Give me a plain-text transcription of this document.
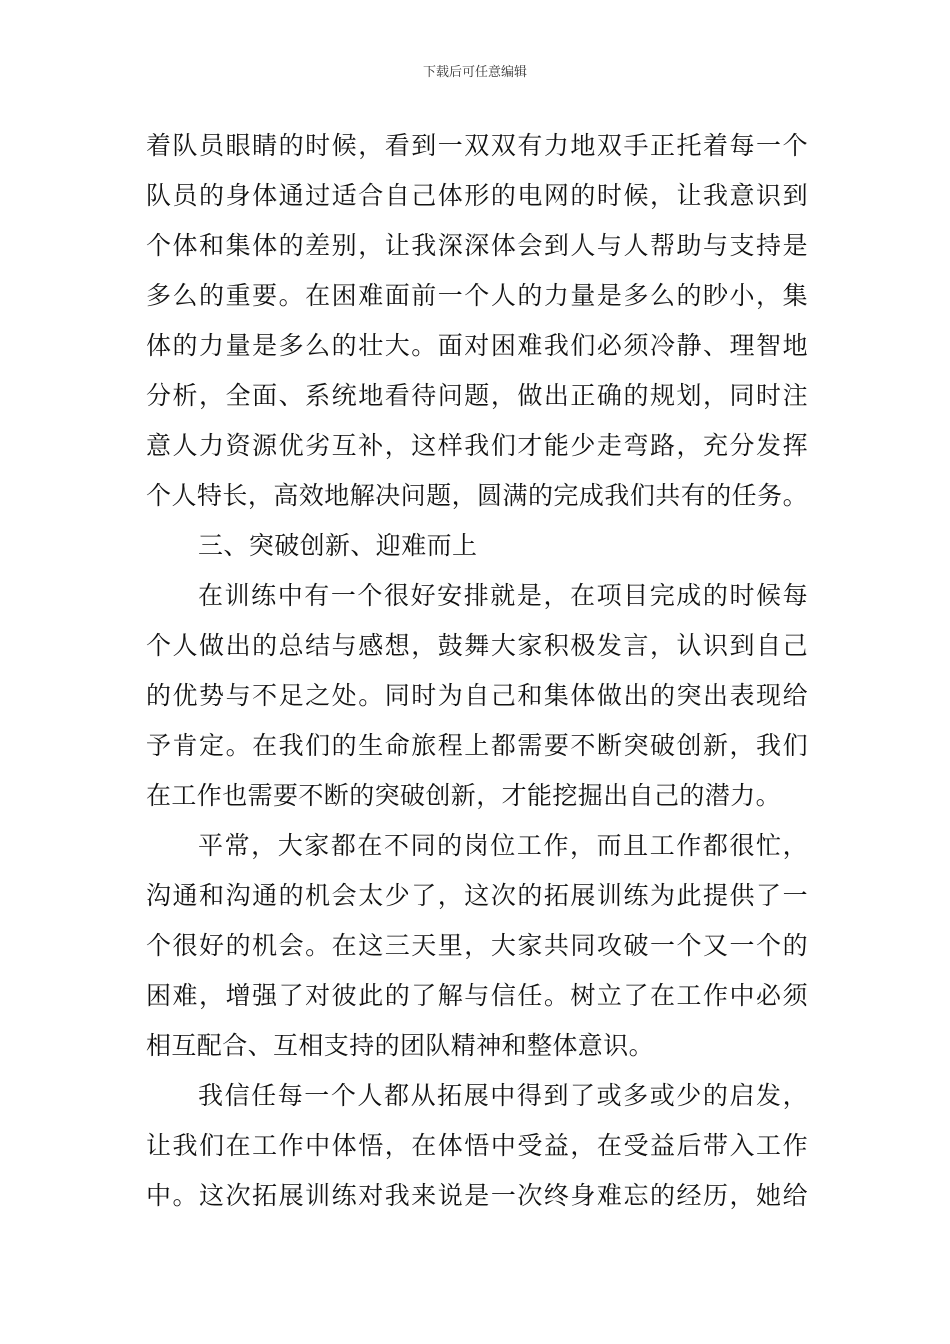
下载后可任意编辑
着队员眼睛的时候，看到一双双有力地双手正托着每一个
队员的身体通过适合自己体形的电网的时候，让我意识到
个体和集体的差别，让我深深体会到人与人帮助与支持是
多么的重要。在困难面前一个人的力量是多么的眇小，集
体的力量是多么的壮大。面对困难我们必须冷静、理智地
分析，全面、系统地看待问题，做出正确的规划，同时注
意人力资源优劣互补，这样我们才能少走弯路，充分发挥
个人特长，高效地解决问题，圆满的完成我们共有的任务。
三、突破创新、迎难而上
在训练中有一个很好安排就是，在项目完成的时候每
个人做出的总结与感想，鼓舞大家积极发言，认识到自己
的优势与不足之处。同时为自己和集体做出的突出表现给
予肯定。在我们的生命旅程上都需要不断突破创新，我们
在工作也需要不断的突破创新，才能挖掘出自己的潜力。
平常，大家都在不同的岗位工作，而且工作都很忙，
沟通和沟通的机会太少了，这次的拓展训练为此提供了一
个很好的机会。在这三天里，大家共同攻破一个又一个的
困难，增强了对彼此的了解与信任。树立了在工作中必须
相互配合、互相支持的团队精神和整体意识。
我信任每一个人都从拓展中得到了或多或少的启发，
让我们在工作中体悟，在体悟中受益，在受益后带入工作
中。这次拓展训练对我来说是一次终身难忘的经历，她给
